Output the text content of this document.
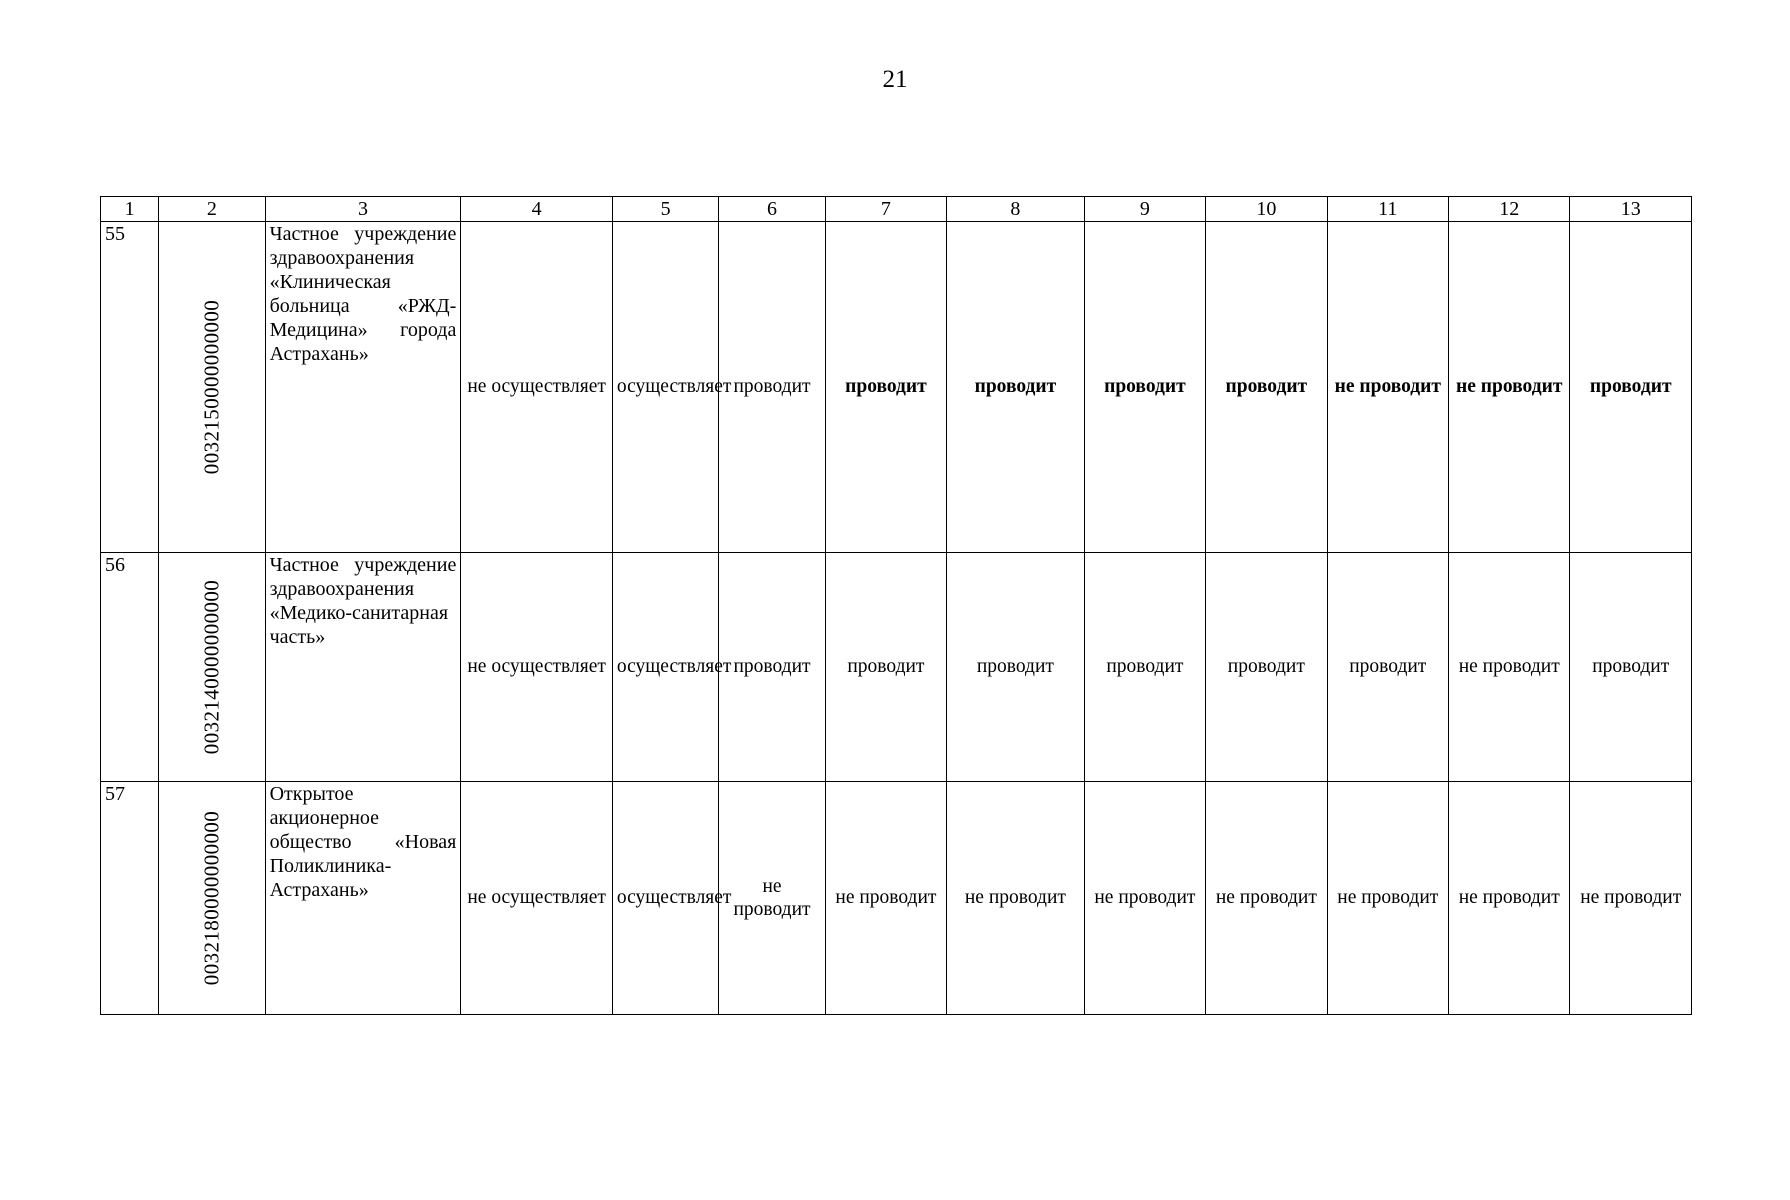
21
1	2	3	4	5	6	7	8	9	10	11	12	13
55	0032150000000000	Частное учреждение здравоохранения «Клиническая больница «РЖД-Медицина» города Астрахань»	не осуществляет	осуществляет	проводит	проводит	проводит	проводит	проводит	не проводит	не проводит	проводит
56	0032140000000000	Частное учреждение здравоохранения «Медико-санитарная часть»	не осуществляет	осуществляет	проводит	проводит	проводит	проводит	проводит	проводит	не проводит	проводит
57	0032180000000000	Открытое акционерное общество «Новая Поликлиника-Астрахань»	не осуществляет	осуществляет	не проводит	не проводит	не проводит	не проводит	не проводит	не проводит	не проводит	не проводит
